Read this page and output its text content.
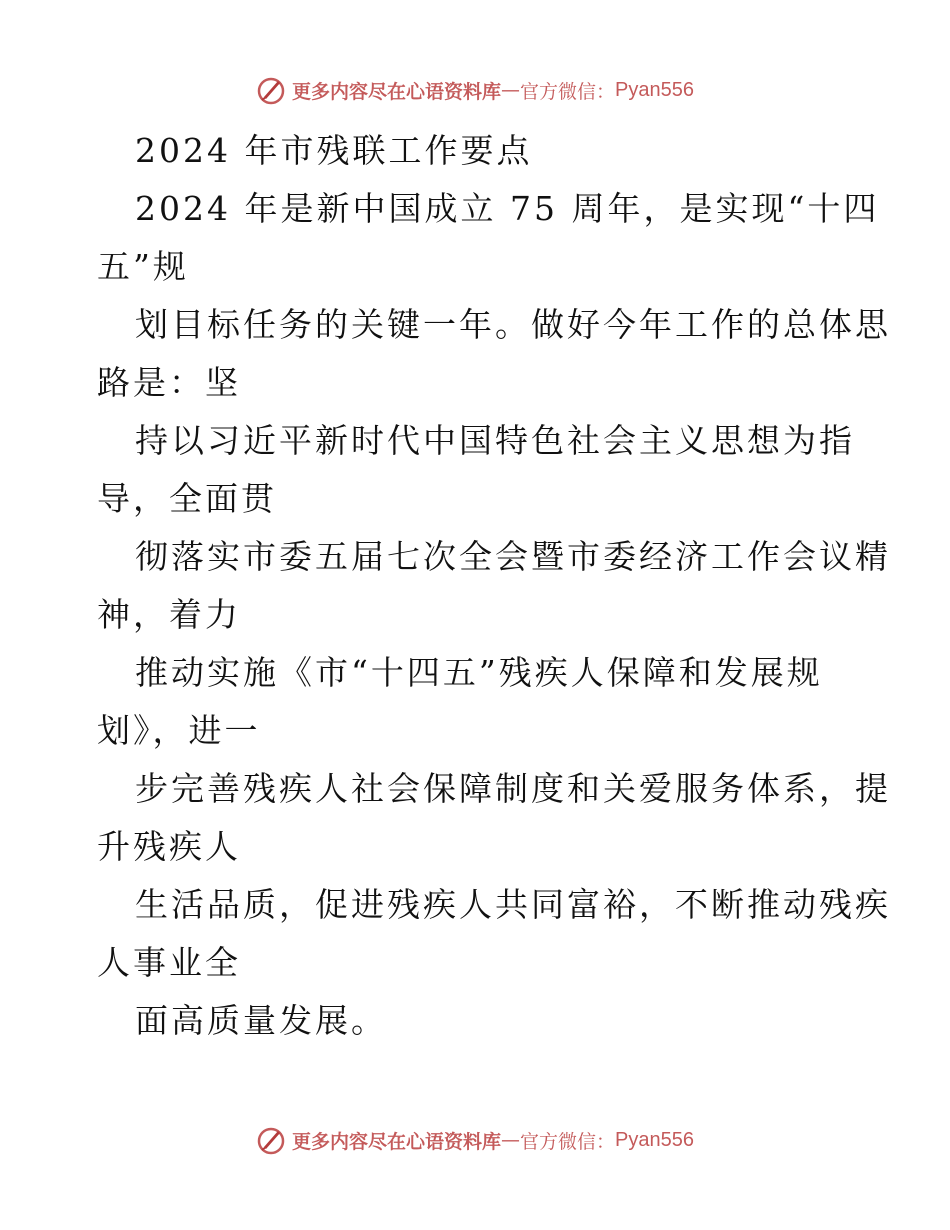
更多内容尽在心语资料库 — 官方微信： Pyan556
2024 年市残联工作要点
2024 年是新中国成立 75 周年，是实现“十四
五”规
划目标任务的关键一年。做好今年工作的总体思
路是：坚
持以习近平新时代中国特色社会主义思想为指
导，全面贯
彻落实市委五届七次全会暨市委经济工作会议精
神，着力
推动实施《市“十四五”残疾人保障和发展规
划》，进一
步完善残疾人社会保障制度和关爱服务体系，提
升残疾人
生活品质，促进残疾人共同富裕，不断推动残疾
人事业全
面高质量发展。
更多内容尽在心语资料库 — 官方微信： Pyan556
